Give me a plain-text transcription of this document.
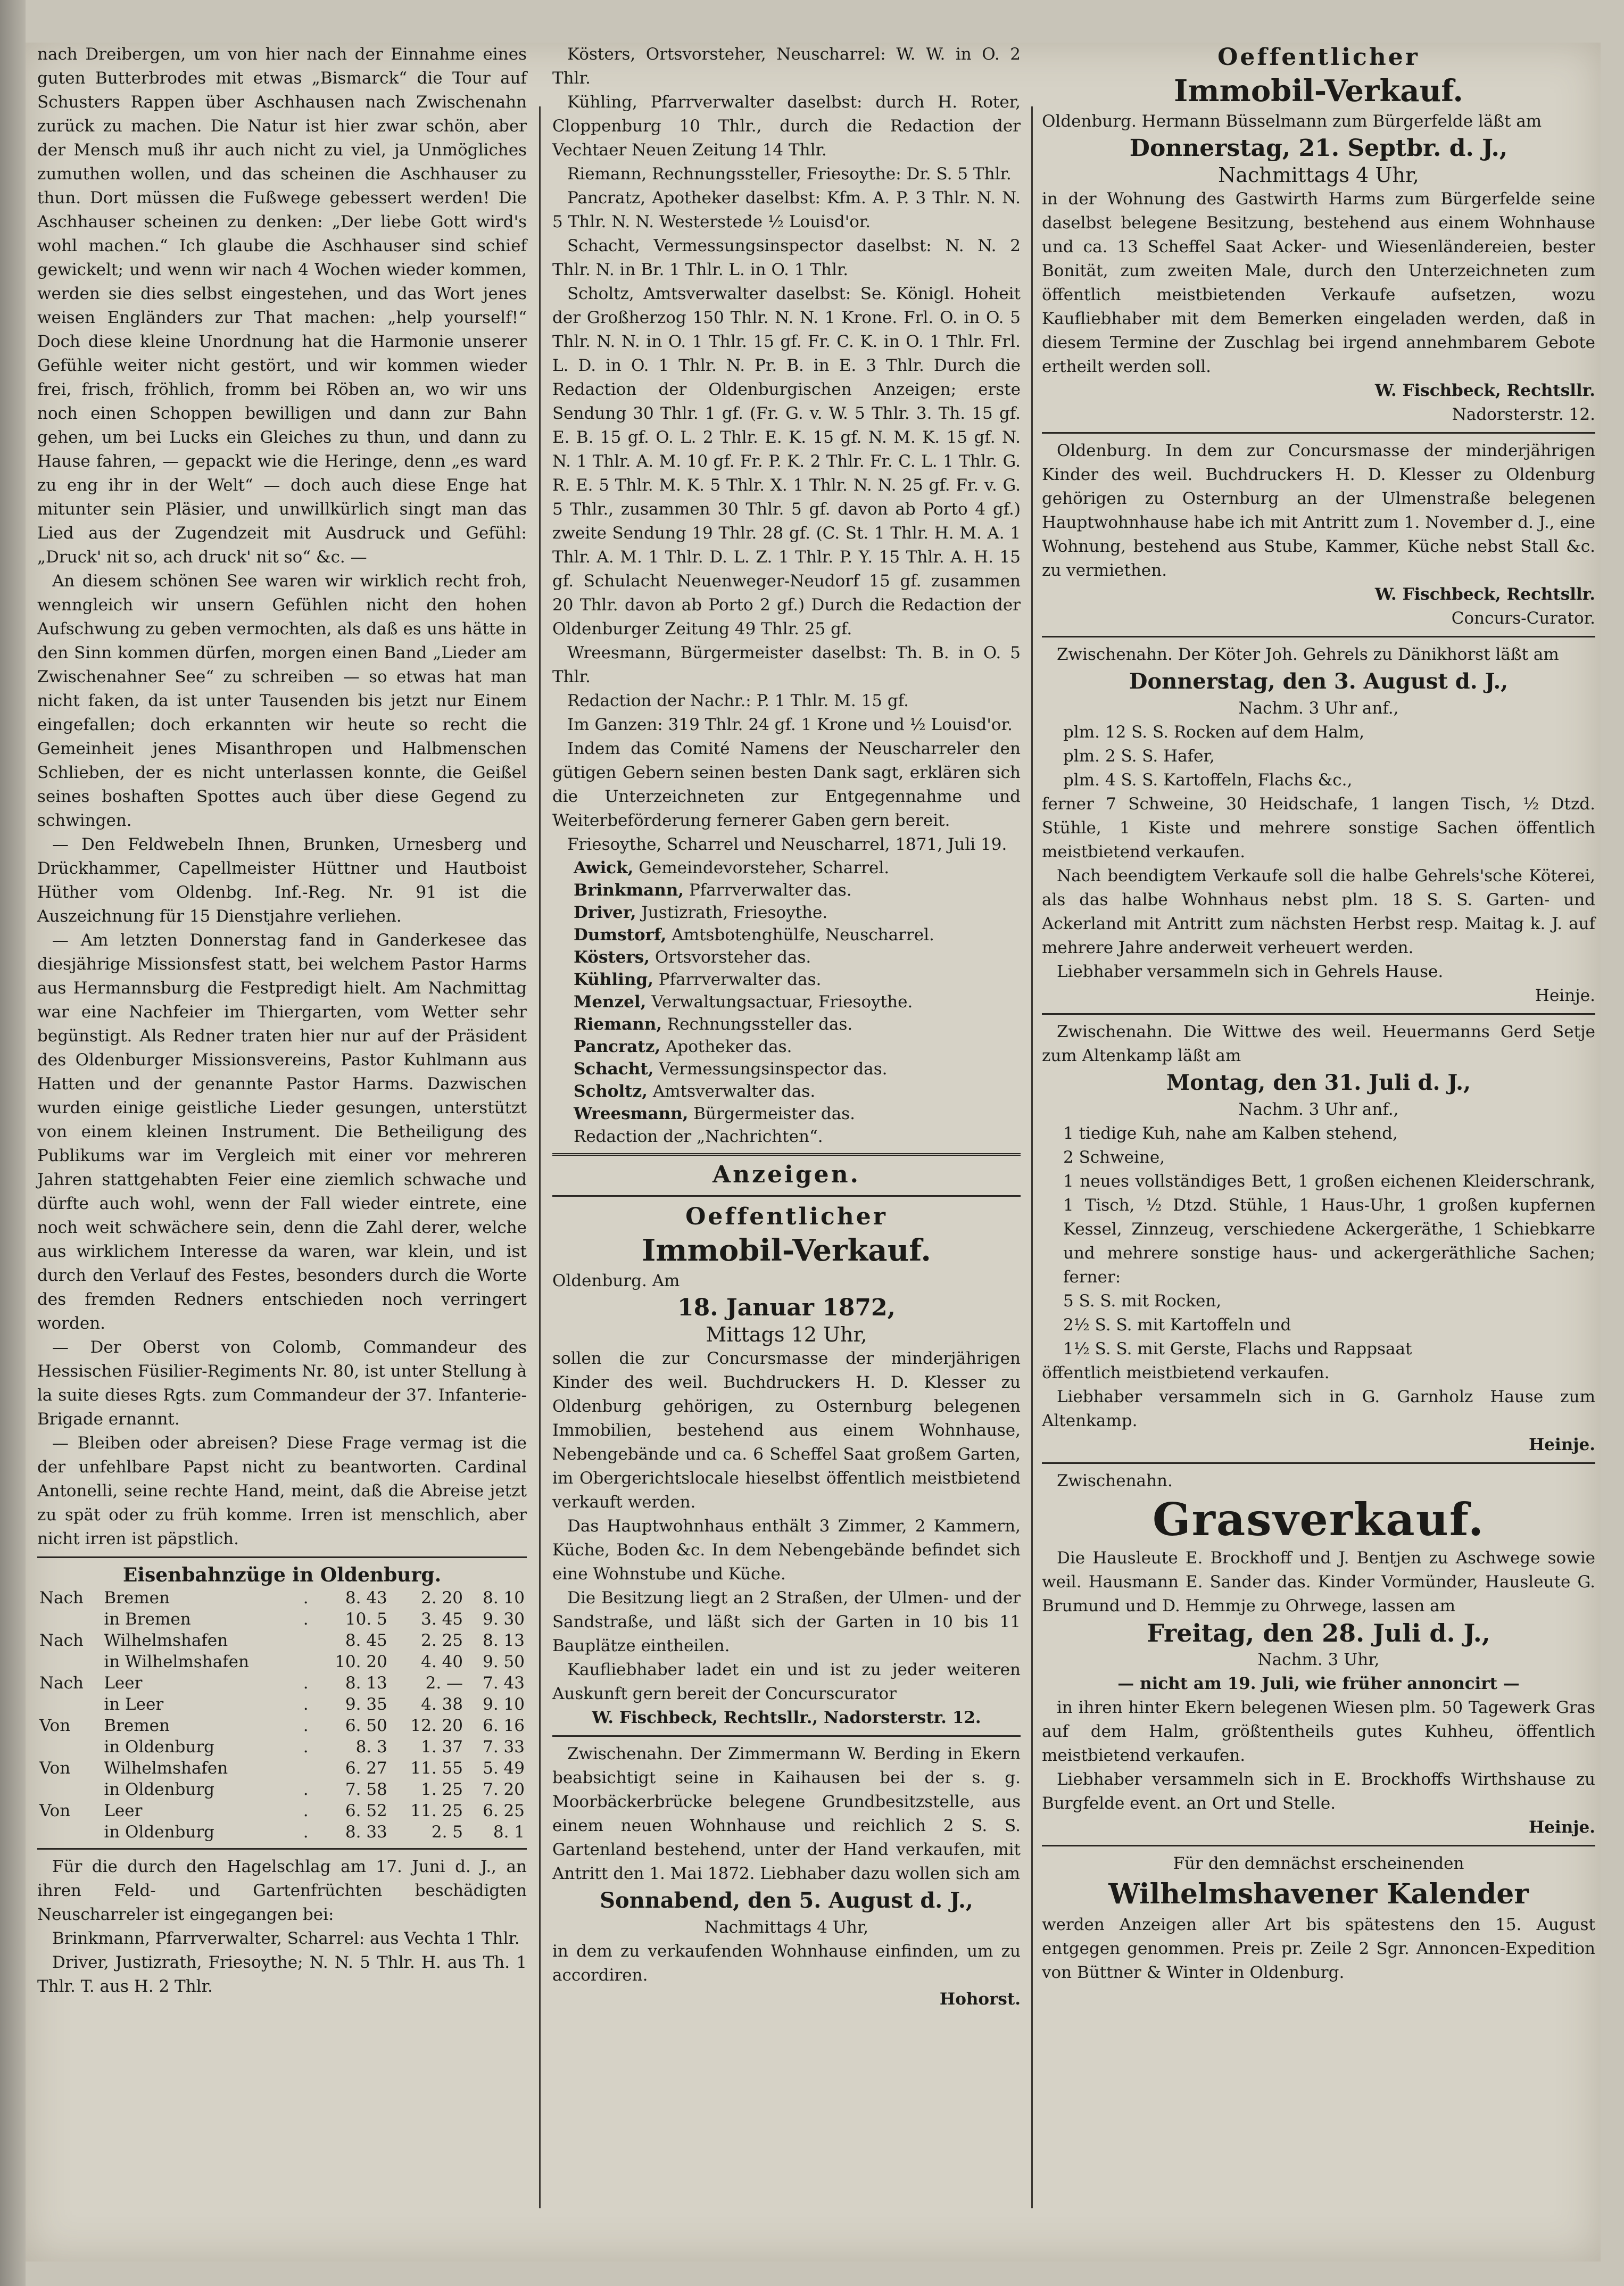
nach Dreibergen, um von hier nach der Einnahme eines guten Butterbrodes mit etwas „Bismarck“ die Tour auf Schusters Rappen über Aschhausen nach Zwischenahn zurück zu machen. Die Natur ist hier zwar schön, aber der Mensch muß ihr auch nicht zu viel, ja Unmögliches zumuthen wollen, und das scheinen die Aschhauser zu thun. Dort müssen die Fußwege gebessert werden! Die Aschhauser scheinen zu denken: „Der liebe Gott wird's wohl machen.“ Ich glaube die Aschhauser sind schief gewickelt; und wenn wir nach 4 Wochen wieder kommen, werden sie dies selbst eingestehen, und das Wort jenes weisen Engländers zur That machen: „help yourself!“ Doch diese kleine Unordnung hat die Harmonie unserer Gefühle weiter nicht gestört, und wir kommen wieder frei, frisch, fröhlich, fromm bei Röben an, wo wir uns noch einen Schoppen bewilligen und dann zur Bahn gehen, um bei Lucks ein Gleiches zu thun, und dann zu Hause fahren, — gepackt wie die Heringe, denn „es ward zu eng ihr in der Welt“ — doch auch diese Enge hat mitunter sein Pläsier, und unwillkürlich singt man das Lied aus der Zugendzeit mit Ausdruck und Gefühl: „Druck' nit so, ach druck' nit so“ &c. —

An diesem schönen See waren wir wirklich recht froh, wenngleich wir unsern Gefühlen nicht den hohen Aufschwung zu geben vermochten, als daß es uns hätte in den Sinn kommen dürfen, morgen einen Band „Lieder am Zwischenahner See“ zu schreiben — so etwas hat man nicht faken, da ist unter Tausenden bis jetzt nur Einem eingefallen; doch erkannten wir heute so recht die Gemeinheit jenes Misanthropen und Halbmenschen Schlieben, der es nicht unterlassen konnte, die Geißel seines boshaften Spottes auch über diese Gegend zu schwingen.

— Den Feldwebeln Ihnen, Brunken, Urnesberg und Drückhammer, Capellmeister Hüttner und Hautboist Hüther vom Oldenbg. Inf.-Reg. Nr. 91 ist die Auszeichnung für 15 Dienstjahre verliehen.

— Am letzten Donnerstag fand in Ganderkesee das diesjährige Missionsfest statt, bei welchem Pastor Harms aus Hermannsburg die Festpredigt hielt. Am Nachmittag war eine Nachfeier im Thiergarten, vom Wetter sehr begünstigt. Als Redner traten hier nur auf der Präsident des Oldenburger Missionsvereins, Pastor Kuhlmann aus Hatten und der genannte Pastor Harms. Dazwischen wurden einige geistliche Lieder gesungen, unterstützt von einem kleinen Instrument. Die Betheiligung des Publikums war im Vergleich mit einer vor mehreren Jahren stattgehabten Feier eine ziemlich schwache und dürfte auch wohl, wenn der Fall wieder eintrete, eine noch weit schwächere sein, denn die Zahl derer, welche aus wirklichem Interesse da waren, war klein, und ist durch den Verlauf des Festes, besonders durch die Worte des fremden Redners entschieden noch verringert worden.

— Der Oberst von Colomb, Commandeur des Hessischen Füsilier-Regiments Nr. 80, ist unter Stellung à la suite dieses Rgts. zum Commandeur der 37. Infanterie-Brigade ernannt.

— Bleiben oder abreisen? Diese Frage vermag ist die der unfehlbare Papst nicht zu beantworten. Cardinal Antonelli, seine rechte Hand, meint, daß die Abreise jetzt zu spät oder zu früh komme. Irren ist menschlich, aber nicht irren ist päpstlich.

Eisenbahnzüge in Oldenburg.

Nach	Bremen	.	8. 43	2. 20	8. 10
	in Bremen	.	10. 5	3. 45	9. 30
Nach	Wilhelmshafen		8. 45	2. 25	8. 13
	in Wilhelmshafen		10. 20	4. 40	9. 50
Nach	Leer	.	8. 13	2. —	7. 43
	in Leer	.	9. 35	4. 38	9. 10
Von	Bremen	.	6. 50	12. 20	6. 16
	in Oldenburg	.	8. 3	1. 37	7. 33
Von	Wilhelmshafen		6. 27	11. 55	5. 49
	in Oldenburg	.	7. 58	1. 25	7. 20
Von	Leer	.	6. 52	11. 25	6. 25
	in Oldenburg	.	8. 33	2. 5	8. 1

Für die durch den Hagelschlag am 17. Juni d. J., an ihren Feld- und Gartenfrüchten beschädigten Neuscharreler ist eingegangen bei:

Brinkmann, Pfarrverwalter, Scharrel: aus Vechta 1 Thlr.

Driver, Justizrath, Friesoythe; N. N. 5 Thlr. H. aus Th. 1 Thlr. T. aus H. 2 Thlr.

Kösters, Ortsvorsteher, Neuscharrel: W. W. in O. 2 Thlr.

Kühling, Pfarrverwalter daselbst: durch H. Roter, Cloppenburg 10 Thlr., durch die Redaction der Vechtaer Neuen Zeitung 14 Thlr.

Riemann, Rechnungssteller, Friesoythe: Dr. S. 5 Thlr.

Pancratz, Apotheker daselbst: Kfm. A. P. 3 Thlr. N. N. 5 Thlr. N. N. Westerstede ½ Louisd'or.

Schacht, Vermessungsinspector daselbst: N. N. 2 Thlr. N. in Br. 1 Thlr. L. in O. 1 Thlr.

Scholtz, Amtsverwalter daselbst: Se. Königl. Hoheit der Großherzog 150 Thlr. N. N. 1 Krone. Frl. O. in O. 5 Thlr. N. N. in O. 1 Thlr. 15 gf. Fr. C. K. in O. 1 Thlr. Frl. L. D. in O. 1 Thlr. N. Pr. B. in E. 3 Thlr. Durch die Redaction der Oldenburgischen Anzeigen; erste Sendung 30 Thlr. 1 gf. (Fr. G. v. W. 5 Thlr. 3. Th. 15 gf. E. B. 15 gf. O. L. 2 Thlr. E. K. 15 gf. N. M. K. 15 gf. N. N. 1 Thlr. A. M. 10 gf. Fr. P. K. 2 Thlr. Fr. C. L. 1 Thlr. G. R. E. 5 Thlr. M. K. 5 Thlr. X. 1 Thlr. N. N. 25 gf. Fr. v. G. 5 Thlr., zusammen 30 Thlr. 5 gf. davon ab Porto 4 gf.) zweite Sendung 19 Thlr. 28 gf. (C. St. 1 Thlr. H. M. A. 1 Thlr. A. M. 1 Thlr. D. L. Z. 1 Thlr. P. Y. 15 Thlr. A. H. 15 gf. Schulacht Neuenweger-Neudorf 15 gf. zusammen 20 Thlr. davon ab Porto 2 gf.) Durch die Redaction der Oldenburger Zeitung 49 Thlr. 25 gf.

Wreesmann, Bürgermeister daselbst: Th. B. in O. 5 Thlr.

Redaction der Nachr.: P. 1 Thlr. M. 15 gf.

Im Ganzen: 319 Thlr. 24 gf. 1 Krone und ½ Louisd'or.

Indem das Comité Namens der Neuscharreler den gütigen Gebern seinen besten Dank sagt, erklären sich die Unterzeichneten zur Entgegennahme und Weiterbeförderung fernerer Gaben gern bereit.

Friesoythe, Scharrel und Neuscharrel, 1871, Juli 19.

Awick, Gemeindevorsteher, Scharrel.

Brinkmann, Pfarrverwalter das.

Driver, Justizrath, Friesoythe.

Dumstorf, Amtsbotenghülfe, Neuscharrel.

Kösters, Ortsvorsteher das.

Kühling, Pfarrverwalter das.

Menzel, Verwaltungsactuar, Friesoythe.

Riemann, Rechnungssteller das.

Pancratz, Apotheker das.

Schacht, Vermessungsinspector das.

Scholtz, Amtsverwalter das.

Wreesmann, Bürgermeister das.

Redaction der „Nachrichten“.

Anzeigen.

Oeffentlicher

Immobil-Verkauf.

Oldenburg. Am

18. Januar 1872,

Mittags 12 Uhr,

sollen die zur Concursmasse der minderjährigen Kinder des weil. Buchdruckers H. D. Klesser zu Oldenburg gehörigen, zu Osternburg belegenen Immobilien, bestehend aus einem Wohnhause, Nebengebände und ca. 6 Scheffel Saat großem Garten, im Obergerichtslocale hieselbst öffentlich meistbietend verkauft werden.

Das Hauptwohnhaus enthält 3 Zimmer, 2 Kammern, Küche, Boden &c. In dem Nebengebände befindet sich eine Wohnstube und Küche.

Die Besitzung liegt an 2 Straßen, der Ulmen- und der Sandstraße, und läßt sich der Garten in 10 bis 11 Bauplätze eintheilen.

Kaufliebhaber ladet ein und ist zu jeder weiteren Auskunft gern bereit der Concurscurator

W. Fischbeck, Rechtsllr., Nadorsterstr. 12.

Zwischenahn. Der Zimmermann W. Berding in Ekern beabsichtigt seine in Kaihausen bei der s. g. Moorbäckerbrücke belegene Grundbesitzstelle, aus einem neuen Wohnhause und reichlich 2 S. S. Gartenland bestehend, unter der Hand verkaufen, mit Antritt den 1. Mai 1872. Liebhaber dazu wollen sich am

Sonnabend, den 5. August d. J.,

Nachmittags 4 Uhr,

in dem zu verkaufenden Wohnhause einfinden, um zu accordiren.

Hohorst.

Oeffentlicher

Immobil-Verkauf.

Oldenburg. Hermann Büsselmann zum Bürgerfelde läßt am

Donnerstag, 21. Septbr. d. J.,

Nachmittags 4 Uhr,

in der Wohnung des Gastwirth Harms zum Bürgerfelde seine daselbst belegene Besitzung, bestehend aus einem Wohnhause und ca. 13 Scheffel Saat Acker- und Wiesenländereien, bester Bonität, zum zweiten Male, durch den Unterzeichneten zum öffentlich meistbietenden Verkaufe aufsetzen, wozu Kaufliebhaber mit dem Bemerken eingeladen werden, daß in diesem Termine der Zuschlag bei irgend annehmbarem Gebote ertheilt werden soll.

W. Fischbeck, Rechtsllr.

Nadorsterstr. 12.

Oldenburg. In dem zur Concursmasse der minderjährigen Kinder des weil. Buchdruckers H. D. Klesser zu Oldenburg gehörigen zu Osternburg an der Ulmenstraße belegenen Hauptwohnhause habe ich mit Antritt zum 1. November d. J., eine Wohnung, bestehend aus Stube, Kammer, Küche nebst Stall &c. zu vermiethen.

W. Fischbeck, Rechtsllr.

Concurs-Curator.

Zwischenahn. Der Köter Joh. Gehrels zu Dänikhorst läßt am

Donnerstag, den 3. August d. J.,

Nachm. 3 Uhr anf.,

plm. 12 S. S. Rocken auf dem Halm,

plm. 2 S. S. Hafer,

plm. 4 S. S. Kartoffeln, Flachs &c.,

ferner 7 Schweine, 30 Heidschafe, 1 langen Tisch, ½ Dtzd. Stühle, 1 Kiste und mehrere sonstige Sachen öffentlich meistbietend verkaufen.

Nach beendigtem Verkaufe soll die halbe Gehrels'sche Köterei, als das halbe Wohnhaus nebst plm. 18 S. S. Garten- und Ackerland mit Antritt zum nächsten Herbst resp. Maitag k. J. auf mehrere Jahre anderweit verheuert werden.

Liebhaber versammeln sich in Gehrels Hause.

Heinje.

Zwischenahn. Die Wittwe des weil. Heuermanns Gerd Setje zum Altenkamp läßt am

Montag, den 31. Juli d. J.,

Nachm. 3 Uhr anf.,

1 tiedige Kuh, nahe am Kalben stehend,

2 Schweine,

1 neues vollständiges Bett, 1 großen eichenen Kleiderschrank, 1 Tisch, ½ Dtzd. Stühle, 1 Haus-Uhr, 1 großen kupfernen Kessel, Zinnzeug, verschiedene Ackergeräthe, 1 Schiebkarre und mehrere sonstige haus- und ackergeräthliche Sachen; ferner:

5 S. S. mit Rocken,

2½ S. S. mit Kartoffeln und

1½ S. S. mit Gerste, Flachs und Rappsaat

öffentlich meistbietend verkaufen.

Liebhaber versammeln sich in G. Garnholz Hause zum Altenkamp.

Heinje.

Zwischenahn.

Grasverkauf.

Die Hausleute E. Brockhoff und J. Bentjen zu Aschwege sowie weil. Hausmann E. Sander das. Kinder Vormünder, Hausleute G. Brumund und D. Hemmje zu Ohrwege, lassen am

Freitag, den 28. Juli d. J.,

Nachm. 3 Uhr,

— nicht am 19. Juli, wie früher annoncirt —

in ihren hinter Ekern belegenen Wiesen plm. 50 Tagewerk Gras auf dem Halm, größtentheils gutes Kuhheu, öffentlich meistbietend verkaufen.

Liebhaber versammeln sich in E. Brockhoffs Wirthshause zu Burgfelde event. an Ort und Stelle.

Heinje.

Für den demnächst erscheinenden

Wilhelmshavener Kalender

werden Anzeigen aller Art bis spätestens den 15. August entgegen genommen. Preis pr. Zeile 2 Sgr. Annoncen-Expedition von Büttner & Winter in Oldenburg.
